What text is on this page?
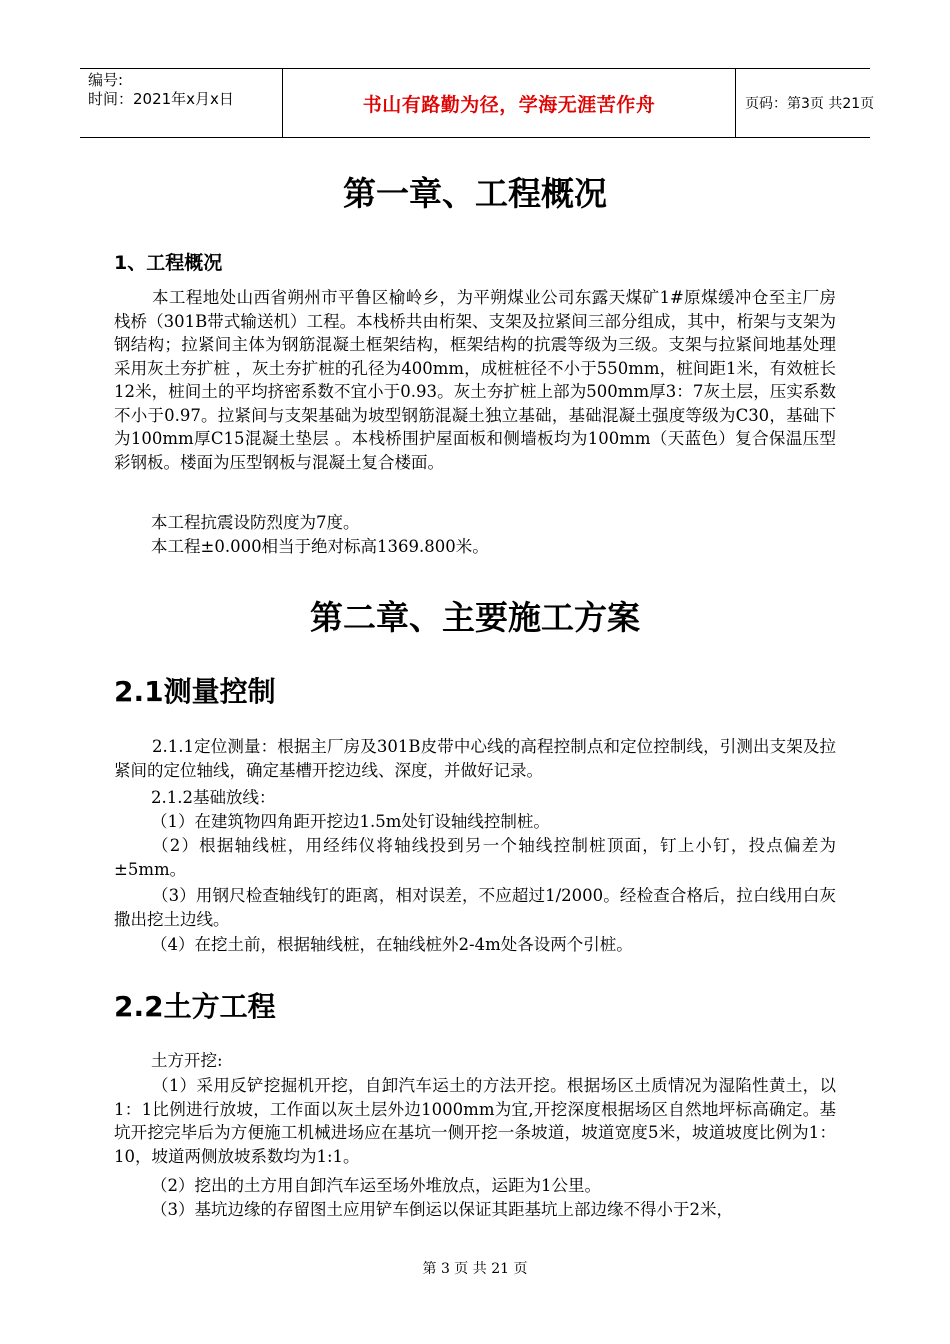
编号:
时间：2021年x月x日	书山有路勤为径，学海无涯苦作舟	页码：第3页 共21页
第一章、工程概况
1、工程概况
本工程地处山西省朔州市平鲁区榆岭乡，为平朔煤业公司东露天煤矿1#原煤缓冲仓至主厂房栈桥（301B带式输送机）工程。本栈桥共由桁架、支架及拉紧间三部分组成，其中，桁架与支架为钢结构；拉紧间主体为钢筋混凝土框架结构，框架结构的抗震等级为三级。支架与拉紧间地基处理采用灰土夯扩桩 ，灰土夯扩桩的孔径为400mm，成桩桩径不小于550mm，桩间距1米，有效桩长12米，桩间土的平均挤密系数不宜小于0.93。灰土夯扩桩上部为500mm厚3：7灰土层，压实系数不小于0.97。拉紧间与支架基础为坡型钢筋混凝土独立基础，基础混凝土强度等级为C30，基础下为100mm厚C15混凝土垫层 。本栈桥围护屋面板和侧墙板均为100mm（天蓝色）复合保温压型彩钢板。楼面为压型钢板与混凝土复合楼面。
本工程抗震设防烈度为7度。
本工程±0.000相当于绝对标高1369.800米。
第二章、主要施工方案
2.1测量控制
2.1.1定位测量：根据主厂房及301B皮带中心线的高程控制点和定位控制线，引测出支架及拉紧间的定位轴线，确定基槽开挖边线、深度，并做好记录。
2.1.2基础放线：
（1）在建筑物四角距开挖边1.5m处钉设轴线控制桩。
（2）根据轴线桩，用经纬仪将轴线投到另一个轴线控制桩顶面，钉上小钉，投点偏差为±5mm。
（3）用钢尺检查轴线钉的距离，相对误差，不应超过1/2000。经检查合格后，拉白线用白灰撒出挖土边线。
（4）在挖土前，根据轴线桩，在轴线桩外2-4m处各设两个引桩。
2.2土方工程
土方开挖:
（1）采用反铲挖掘机开挖，自卸汽车运土的方法开挖。根据场区土质情况为湿陷性黄土，以1：1比例进行放坡，工作面以灰土层外边1000mm为宜,开挖深度根据场区自然地坪标高确定。基坑开挖完毕后为方便施工机械进场应在基坑一侧开挖一条坡道，坡道宽度5米，坡道坡度比例为1：10，坡道两侧放坡系数均为1:1。
（2）挖出的土方用自卸汽车运至场外堆放点，运距为1公里。
（3）基坑边缘的存留图土应用铲车倒运以保证其距基坑上部边缘不得小于2米，
第 3 页 共 21 页
